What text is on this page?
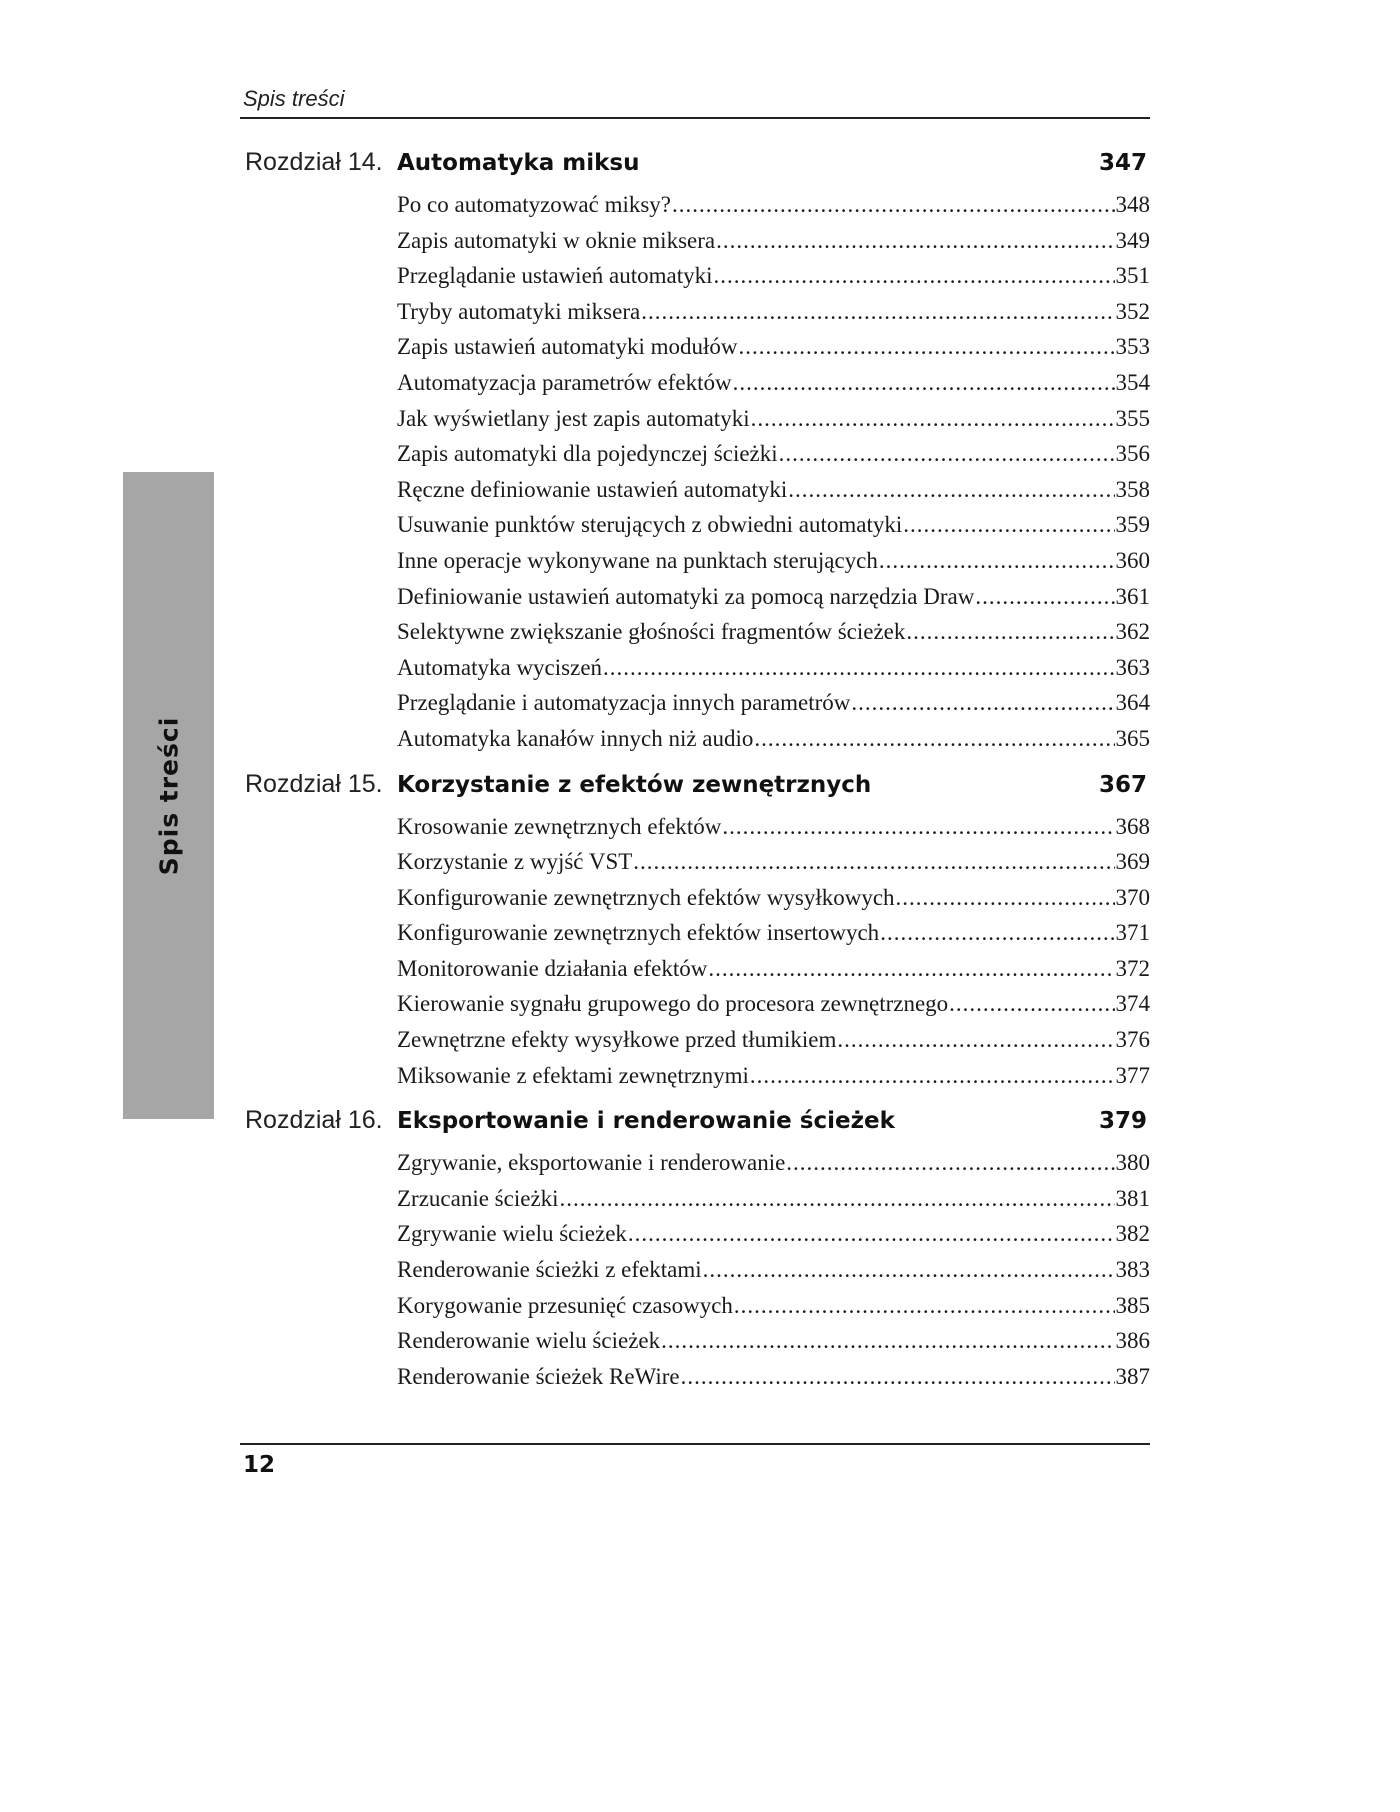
Spis treści
Spis treści
Rozdział 14. Automatyka miksu	347
Po co automatyzować miksy? .....	348
Zapis automatyki w oknie miksera .....	349
Przeglądanie ustawień automatyki .....	351
Tryby automatyki miksera .....	352
Zapis ustawień automatyki modułów .....	353
Automatyzacja parametrów efektów .....	354
Jak wyświetlany jest zapis automatyki .....	355
Zapis automatyki dla pojedynczej ścieżki .....	356
Ręczne definiowanie ustawień automatyki .....	358
Usuwanie punktów sterujących z obwiedni automatyki .....	359
Inne operacje wykonywane na punktach sterujących .....	360
Definiowanie ustawień automatyki za pomocą narzędzia Draw .....	361
Selektywne zwiększanie głośności fragmentów ścieżek .....	362
Automatyka wyciszeń .....	363
Przeglądanie i automatyzacja innych parametrów .....	364
Automatyka kanałów innych niż audio .....	365
Rozdział 15. Korzystanie z efektów zewnętrznych	367
Krosowanie zewnętrznych efektów .....	368
Korzystanie z wyjść VST .....	369
Konfigurowanie zewnętrznych efektów wysyłkowych .....	370
Konfigurowanie zewnętrznych efektów insertowych .....	371
Monitorowanie działania efektów .....	372
Kierowanie sygnału grupowego do procesora zewnętrznego .....	374
Zewnętrzne efekty wysyłkowe przed tłumikiem .....	376
Miksowanie z efektami zewnętrznymi .....	377
Rozdział 16. Eksportowanie i renderowanie ścieżek	379
Zgrywanie, eksportowanie i renderowanie .....	380
Zrzucanie ścieżki .....	381
Zgrywanie wielu ścieżek .....	382
Renderowanie ścieżki z efektami .....	383
Korygowanie przesunięć czasowych .....	385
Renderowanie wielu ścieżek .....	386
Renderowanie ścieżek ReWire .....	387
12
